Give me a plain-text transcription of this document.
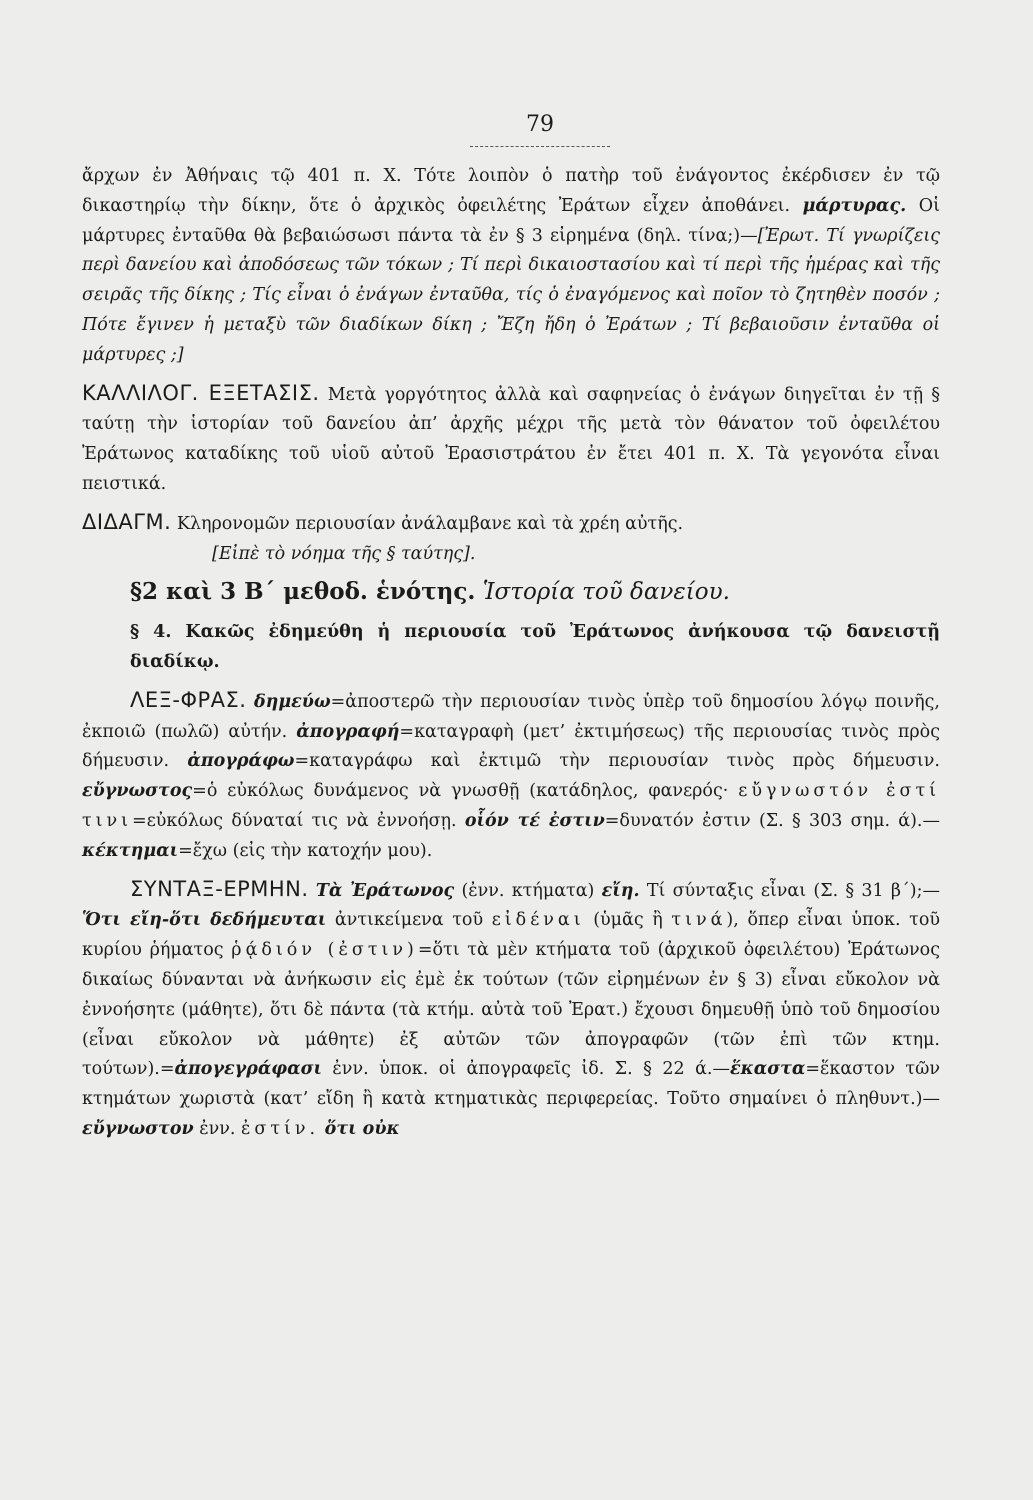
79

ἄρχων ἐν Ἀθήναις τῷ 401 π. Χ. Τότε λοιπὸν ὁ πατὴρ τοῦ ἐνάγοντος ἐκέρδισεν ἐν τῷ δικαστηρίῳ τὴν δίκην, ὅτε ὁ ἀρχικὸς ὀφειλέτης Ἐράτων εἶχεν ἀποθάνει. μάρτυρας. Οἱ μάρτυρες ἐνταῦθα θὰ βεβαιώσωσι πάντα τὰ ἐν § 3 εἰρημένα (δηλ. τίνα;)—[Ἐρωτ. Τί γνωρίζεις περὶ δανείου καὶ ἀποδόσεως τῶν τόκων ; Τί περὶ δικαιοστασίου καὶ τί περὶ τῆς ἡμέρας καὶ τῆς σειρᾶς τῆς δίκης ; Τίς εἶναι ὁ ἐνάγων ἐνταῦθα, τίς ὁ ἐναγόμενος καὶ ποῖον τὸ ζητηθὲν ποσόν ; Πότε ἔγινεν ἡ μεταξὺ τῶν διαδίκων δίκη ; Ἔζη ἤδη ὁ Ἐράτων ; Τί βεβαιοῦσιν ἐνταῦθα οἱ μάρτυρες ;]

ΚΑΛΛΙΛΟΓ. ΕΞΕΤΑΣΙΣ. Μετὰ γοργότητος ἀλλὰ καὶ σαφηνείας ὁ ἐνάγων διηγεῖται ἐν τῇ § ταύτῃ τὴν ἱστορίαν τοῦ δανείου ἀπ’ ἀρχῆς μέχρι τῆς μετὰ τὸν θάνατον τοῦ ὀφειλέτου Ἐράτωνος καταδίκης τοῦ υἱοῦ αὐτοῦ Ἐρασιστράτου ἐν ἔτει 401 π. Χ. Τὰ γεγονότα εἶναι πειστικά.

ΔΙΔΑΓΜ. Κληρονομῶν περιουσίαν ἀνάλαμβανε καὶ τὰ χρέη αὐτῆς.

[Εἰπὲ τὸ νόημα τῆς § ταύτης].

§2 καὶ 3 Β΄ μεθοδ. ἑνότης. Ἱστορία τοῦ δανείου.

§ 4. Κακῶς ἐδημεύθη ἡ περιουσία τοῦ Ἐράτωνος ἀνήκουσα τῷ δανειστῇ διαδίκῳ.

ΛΕΞ-ΦΡΑΣ. δημεύω=ἀποστερῶ τὴν περιουσίαν τινὸς ὑπὲρ τοῦ δημοσίου λόγῳ ποινῆς, ἐκποιῶ (πωλῶ) αὐτήν. ἀπογραφή=καταγραφὴ (μετ’ ἐκτιμήσεως) τῆς περιουσίας τινὸς πρὸς δήμευσιν. ἀπογράφω=καταγράφω καὶ ἐκτιμῶ τὴν περιουσίαν τινὸς πρὸς δήμευσιν. εὔγνωστος=ὁ εὐκόλως δυνάμενος νὰ γνωσθῇ (κατάδηλος, φανερός· εὔγνωστόν ἐστί τινι=εὐκόλως δύναταί τις νὰ ἐννοήσῃ. οἷόν τέ ἐστιν=δυνατόν ἐστιν (Σ. § 303 σημ. ά).—κέκτημαι=ἔχω (εἰς τὴν κατοχήν μου).

ΣΥΝΤΑΞ-ΕΡΜΗΝ. Τὰ Ἐράτωνος (ἐνν. κτήματα) εἴη. Τί σύνταξις εἶναι (Σ. § 31 β΄);—Ὅτι εἴη-ὅτι δεδήμευται ἀντικείμενα τοῦ εἰδέναι (ὑμᾶς ἢ τινά), ὅπερ εἶναι ὑποκ. τοῦ κυρίου ῥήματος ῥᾴδιόν (ἐστιν)=ὅτι τὰ μὲν κτήματα τοῦ (ἀρχικοῦ ὀφειλέτου) Ἐράτωνος δικαίως δύνανται νὰ ἀνήκωσιν εἰς ἐμὲ ἐκ τούτων (τῶν εἰρημένων ἐν § 3) εἶναι εὔκολον νὰ ἐννοήσητε (μάθητε), ὅτι δὲ πάντα (τὰ κτήμ. αὐτὰ τοῦ Ἐρατ.) ἔχουσι δημευθῇ ὑπὸ τοῦ δημοσίου (εἶναι εὔκολον νὰ μάθητε) ἐξ αὐτῶν τῶν ἀπογραφῶν (τῶν ἐπὶ τῶν κτημ. τούτων).=ἀπογεγράφασι ἐνν. ὑποκ. οἱ ἀπογραφεῖς ἰδ. Σ. § 22 ά.—ἕκαστα=ἕκαστον τῶν κτημάτων χωριστὰ (κατ’ εἴδη ἢ κατὰ κτηματικὰς περιφερείας. Τοῦτο σημαίνει ὁ πληθυντ.)—εὔγνωστον ἐνν. ἐστίν. ὅτι οὐκ
